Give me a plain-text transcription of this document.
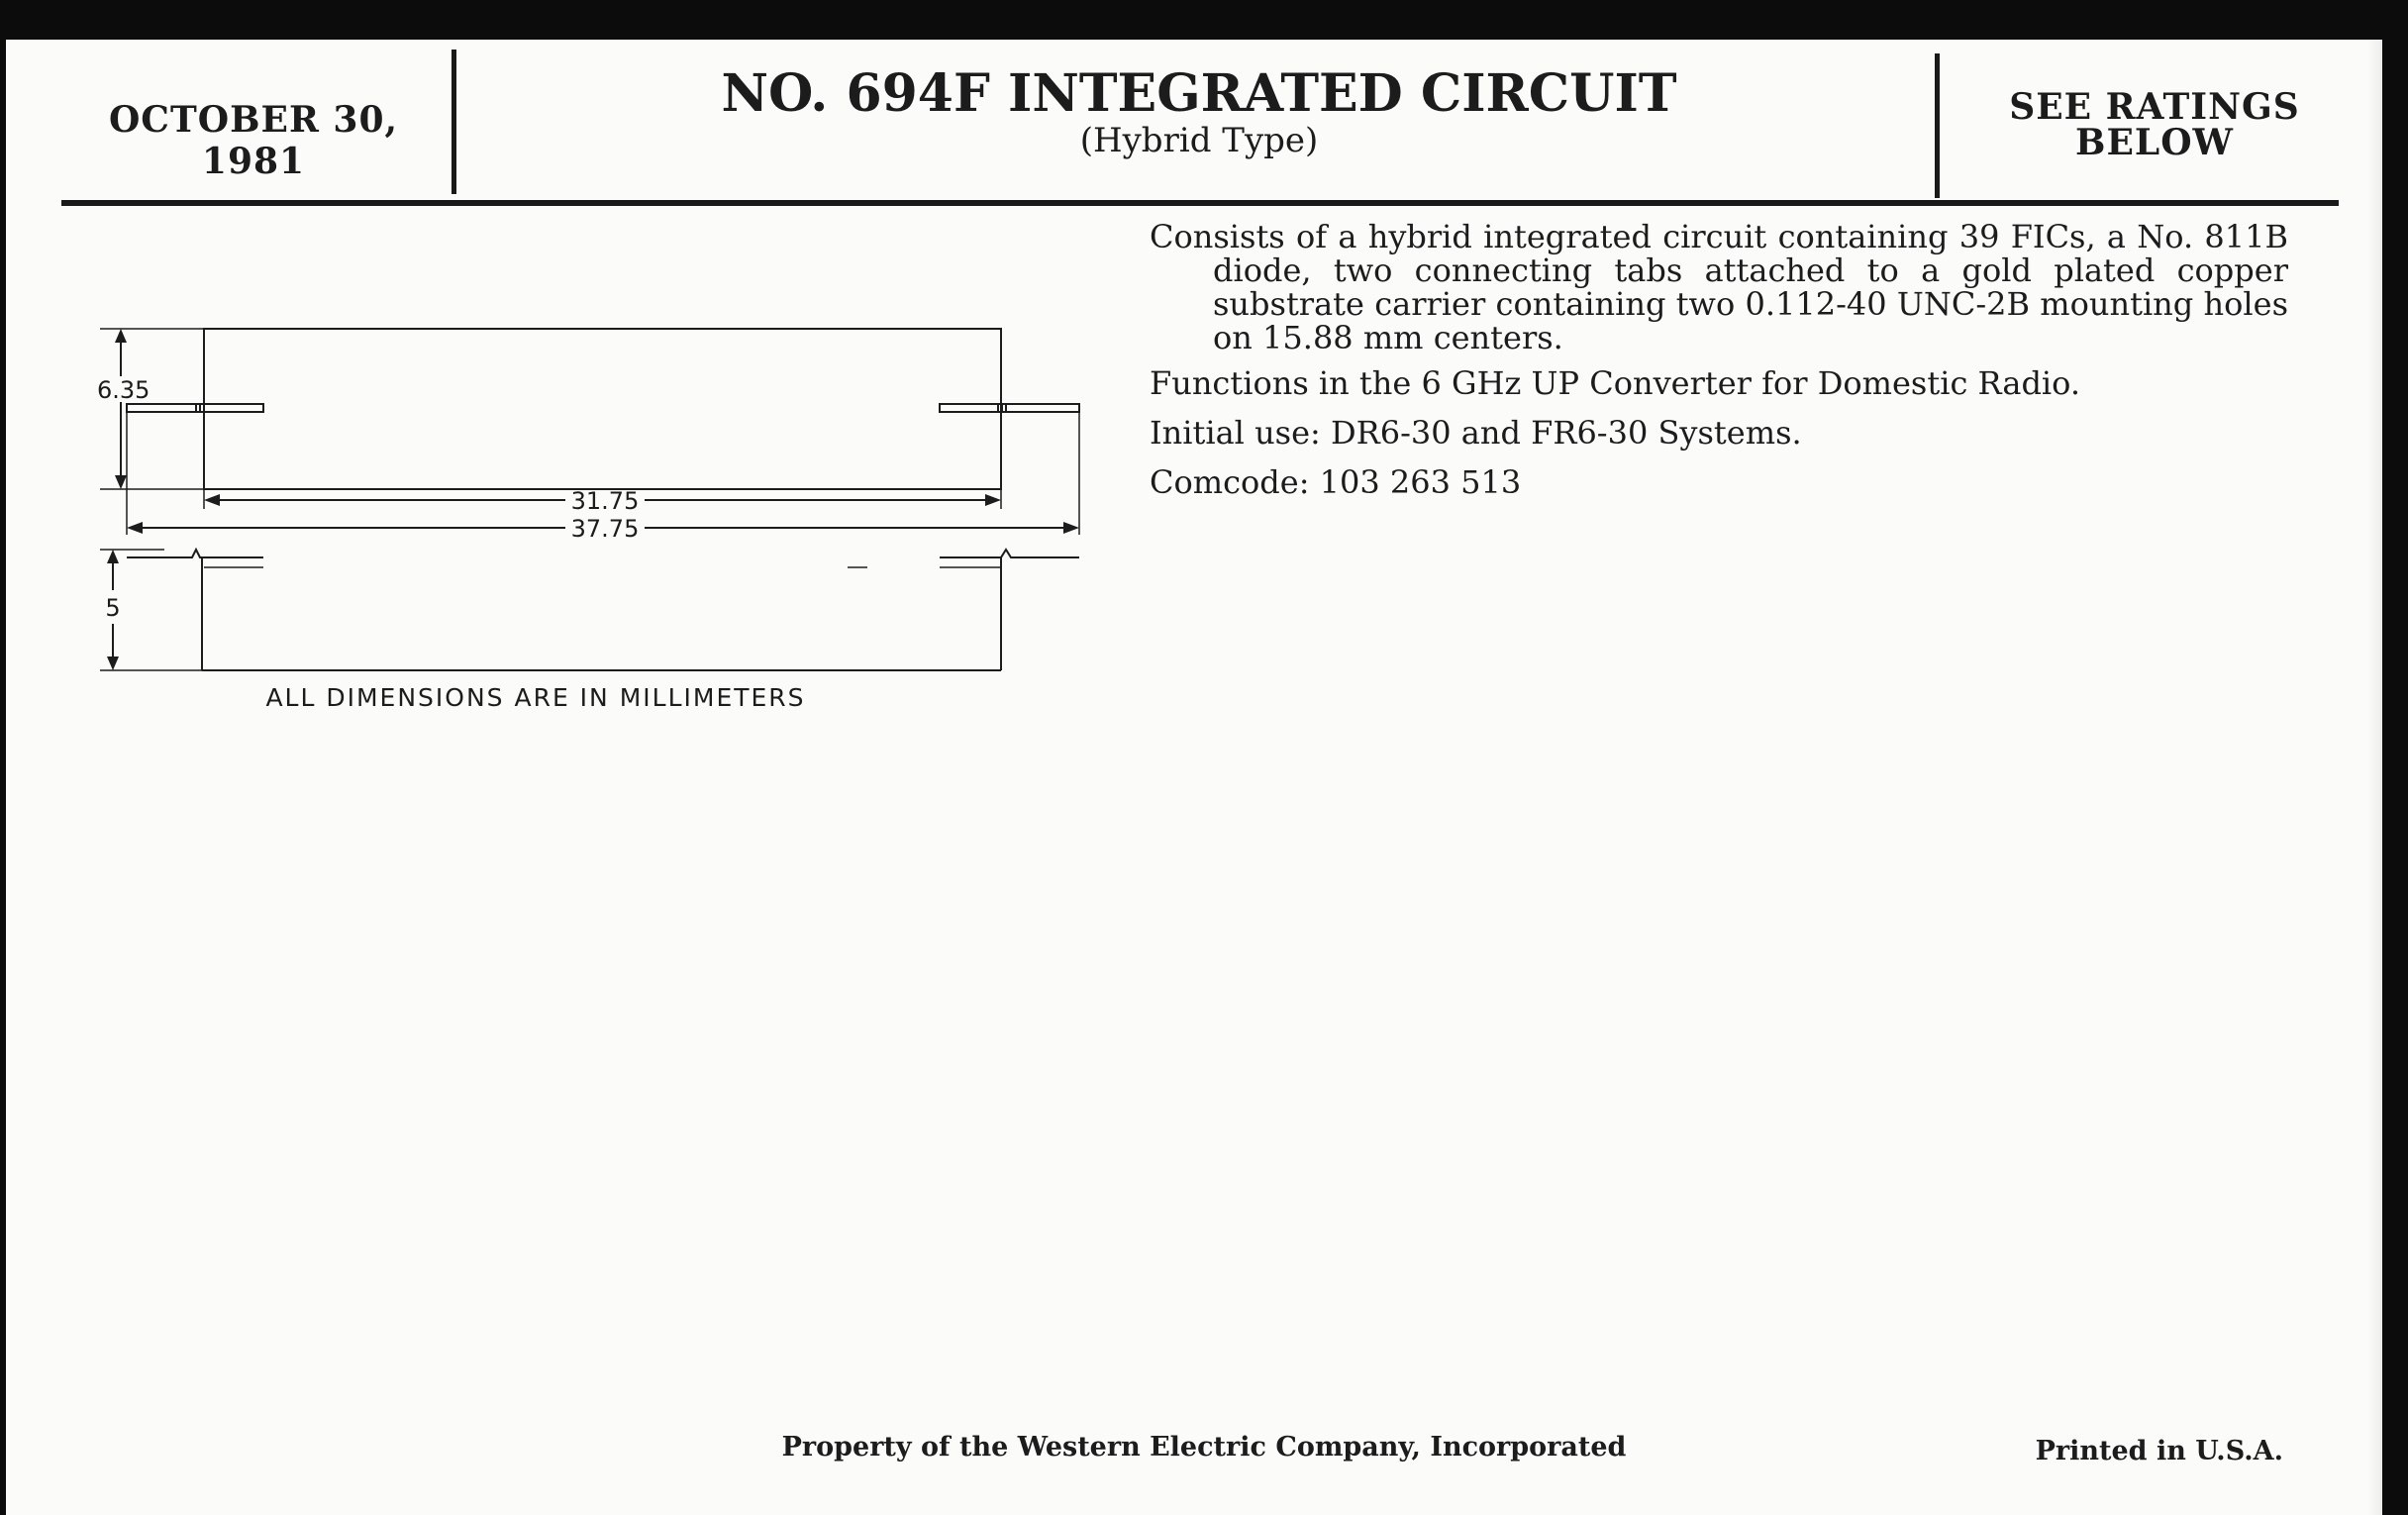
OCTOBER 30, 1981
NO. 694F INTEGRATED CIRCUIT
(Hybrid Type)
SEE RATINGS
BELOW
6.35
31.75
37.75
5
ALL DIMENSIONS ARE IN MILLIMETERS

Consists of a hybrid integrated circuit containing 39 FICs, a No. 811B diode, two connecting tabs attached to a gold plated copper substrate carrier containing two 0.112-40 UNC-2B mounting holes on 15.88 mm centers.

Functions in the 6 GHz UP Converter for Domestic Radio.

Initial use: DR6-30 and FR6-30 Systems.

Comcode: 103 263 513

Property of the Western Electric Company, Incorporated	Printed in U.S.A.
